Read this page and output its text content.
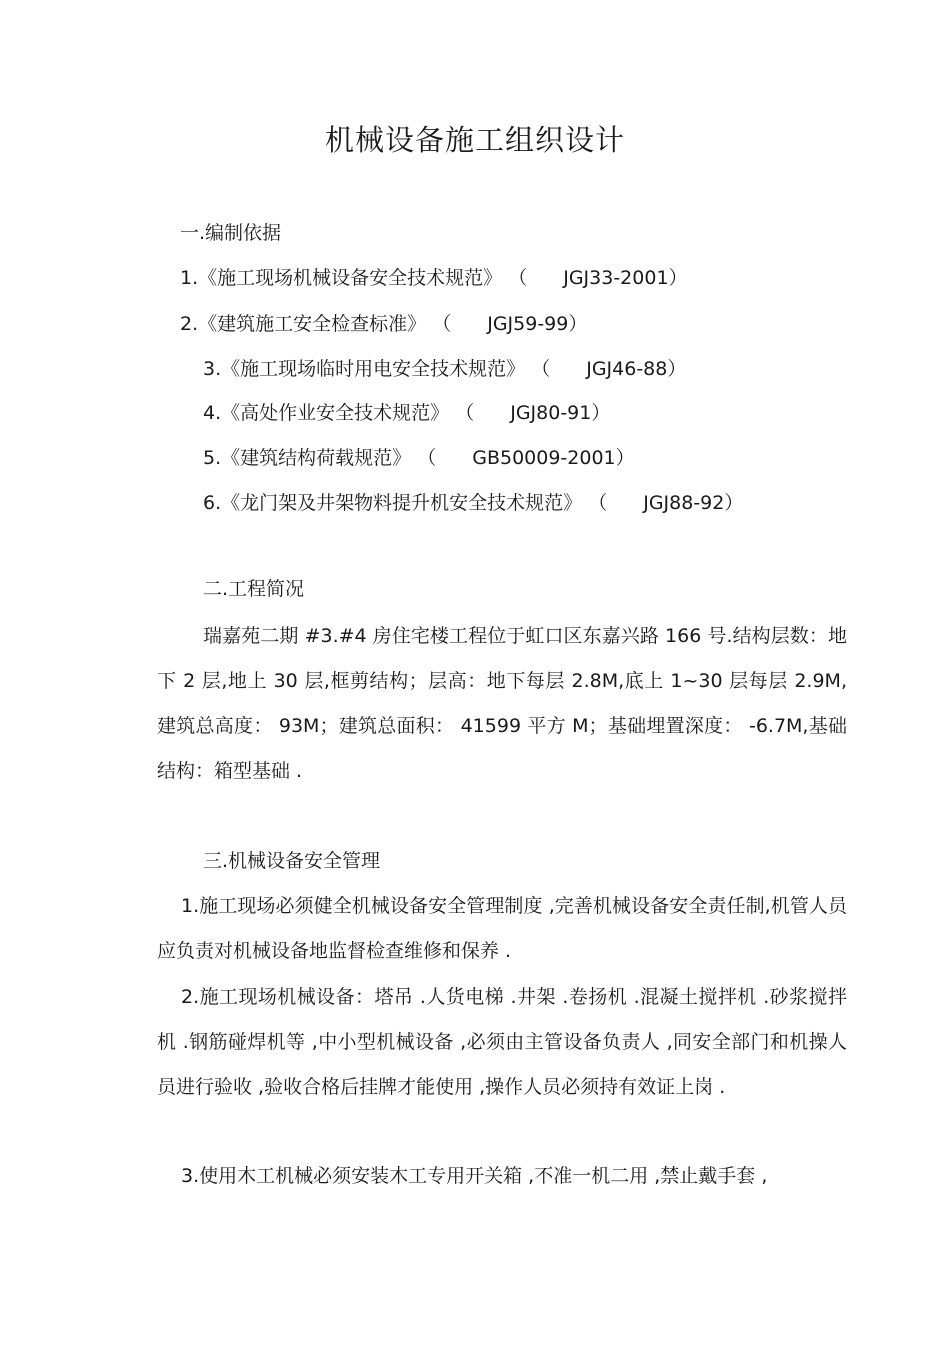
机械设备施工组织设计
一.编制依据
1.《施工现场机械设备安全技术规范》 （ JGJ33-2001）
2.《建筑施工安全检查标准》 （ JGJ59-99）
3.《施工现场临时用电安全技术规范》 （ JGJ46-88）
4.《高处作业安全技术规范》 （ JGJ80-91）
5.《建筑结构荷载规范》 （ GB50009-2001）
6.《龙门架及井架物料提升机安全技术规范》 （ JGJ88-92）
二.工程简况

瑞嘉苑二期 #3.#4 房住宅楼工程位于虹口区东嘉兴路 166 号.结构层数：地下 2 层,地上 30 层,框剪结构；层高：地下每层 2.8M,底上 1~30 层每层 2.9M,建筑总高度： 93M；建筑总面积： 41599 平方 M；基础埋置深度： -6.7M,基础结构：箱型基础 .

三.机械设备安全管理

1.施工现场必须健全机械设备安全管理制度 ,完善机械设备安全责任制,机管人员应负责对机械设备地监督检查维修和保养 .

2.施工现场机械设备：塔吊 .人货电梯 .井架 .卷扬机 .混凝土搅拌机 .砂浆搅拌机 .钢筋碰焊机等 ,中小型机械设备 ,必须由主管设备负责人 ,同安全部门和机操人员进行验收 ,验收合格后挂牌才能使用 ,操作人员必须持有效证上岗 .

3.使用木工机械必须安装木工专用开关箱 ,不准一机二用 ,禁止戴手套 ,
